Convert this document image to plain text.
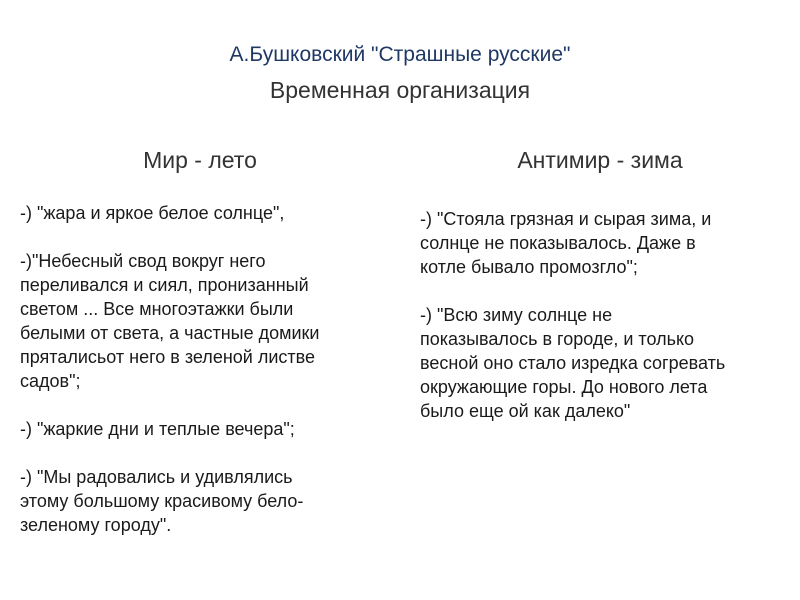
А.Бушковский "Страшные русские"
Временная организация
Мир - лето	Антимир - зима

-) "жара и яркое белое солнце",

-)"Небесный свод вокруг него
переливался и сиял, пронизанный
светом ... Все многоэтажки были
белыми от света, а частные домики
пряталисьот него в зеленой листве
садов";

-) "жаркие дни и теплые вечера";

-) "Мы радовались и удивлялись
этому большому красивому бело-
зеленому городу".

-) "Стояла грязная и сырая зима, и
солнце не показывалось. Даже в
котле бывало промозгло";

-) "Всю зиму солнце не
показывалось в городе, и только
весной оно стало изредка согревать
окружающие горы. До нового лета
было еще ой как далеко"
